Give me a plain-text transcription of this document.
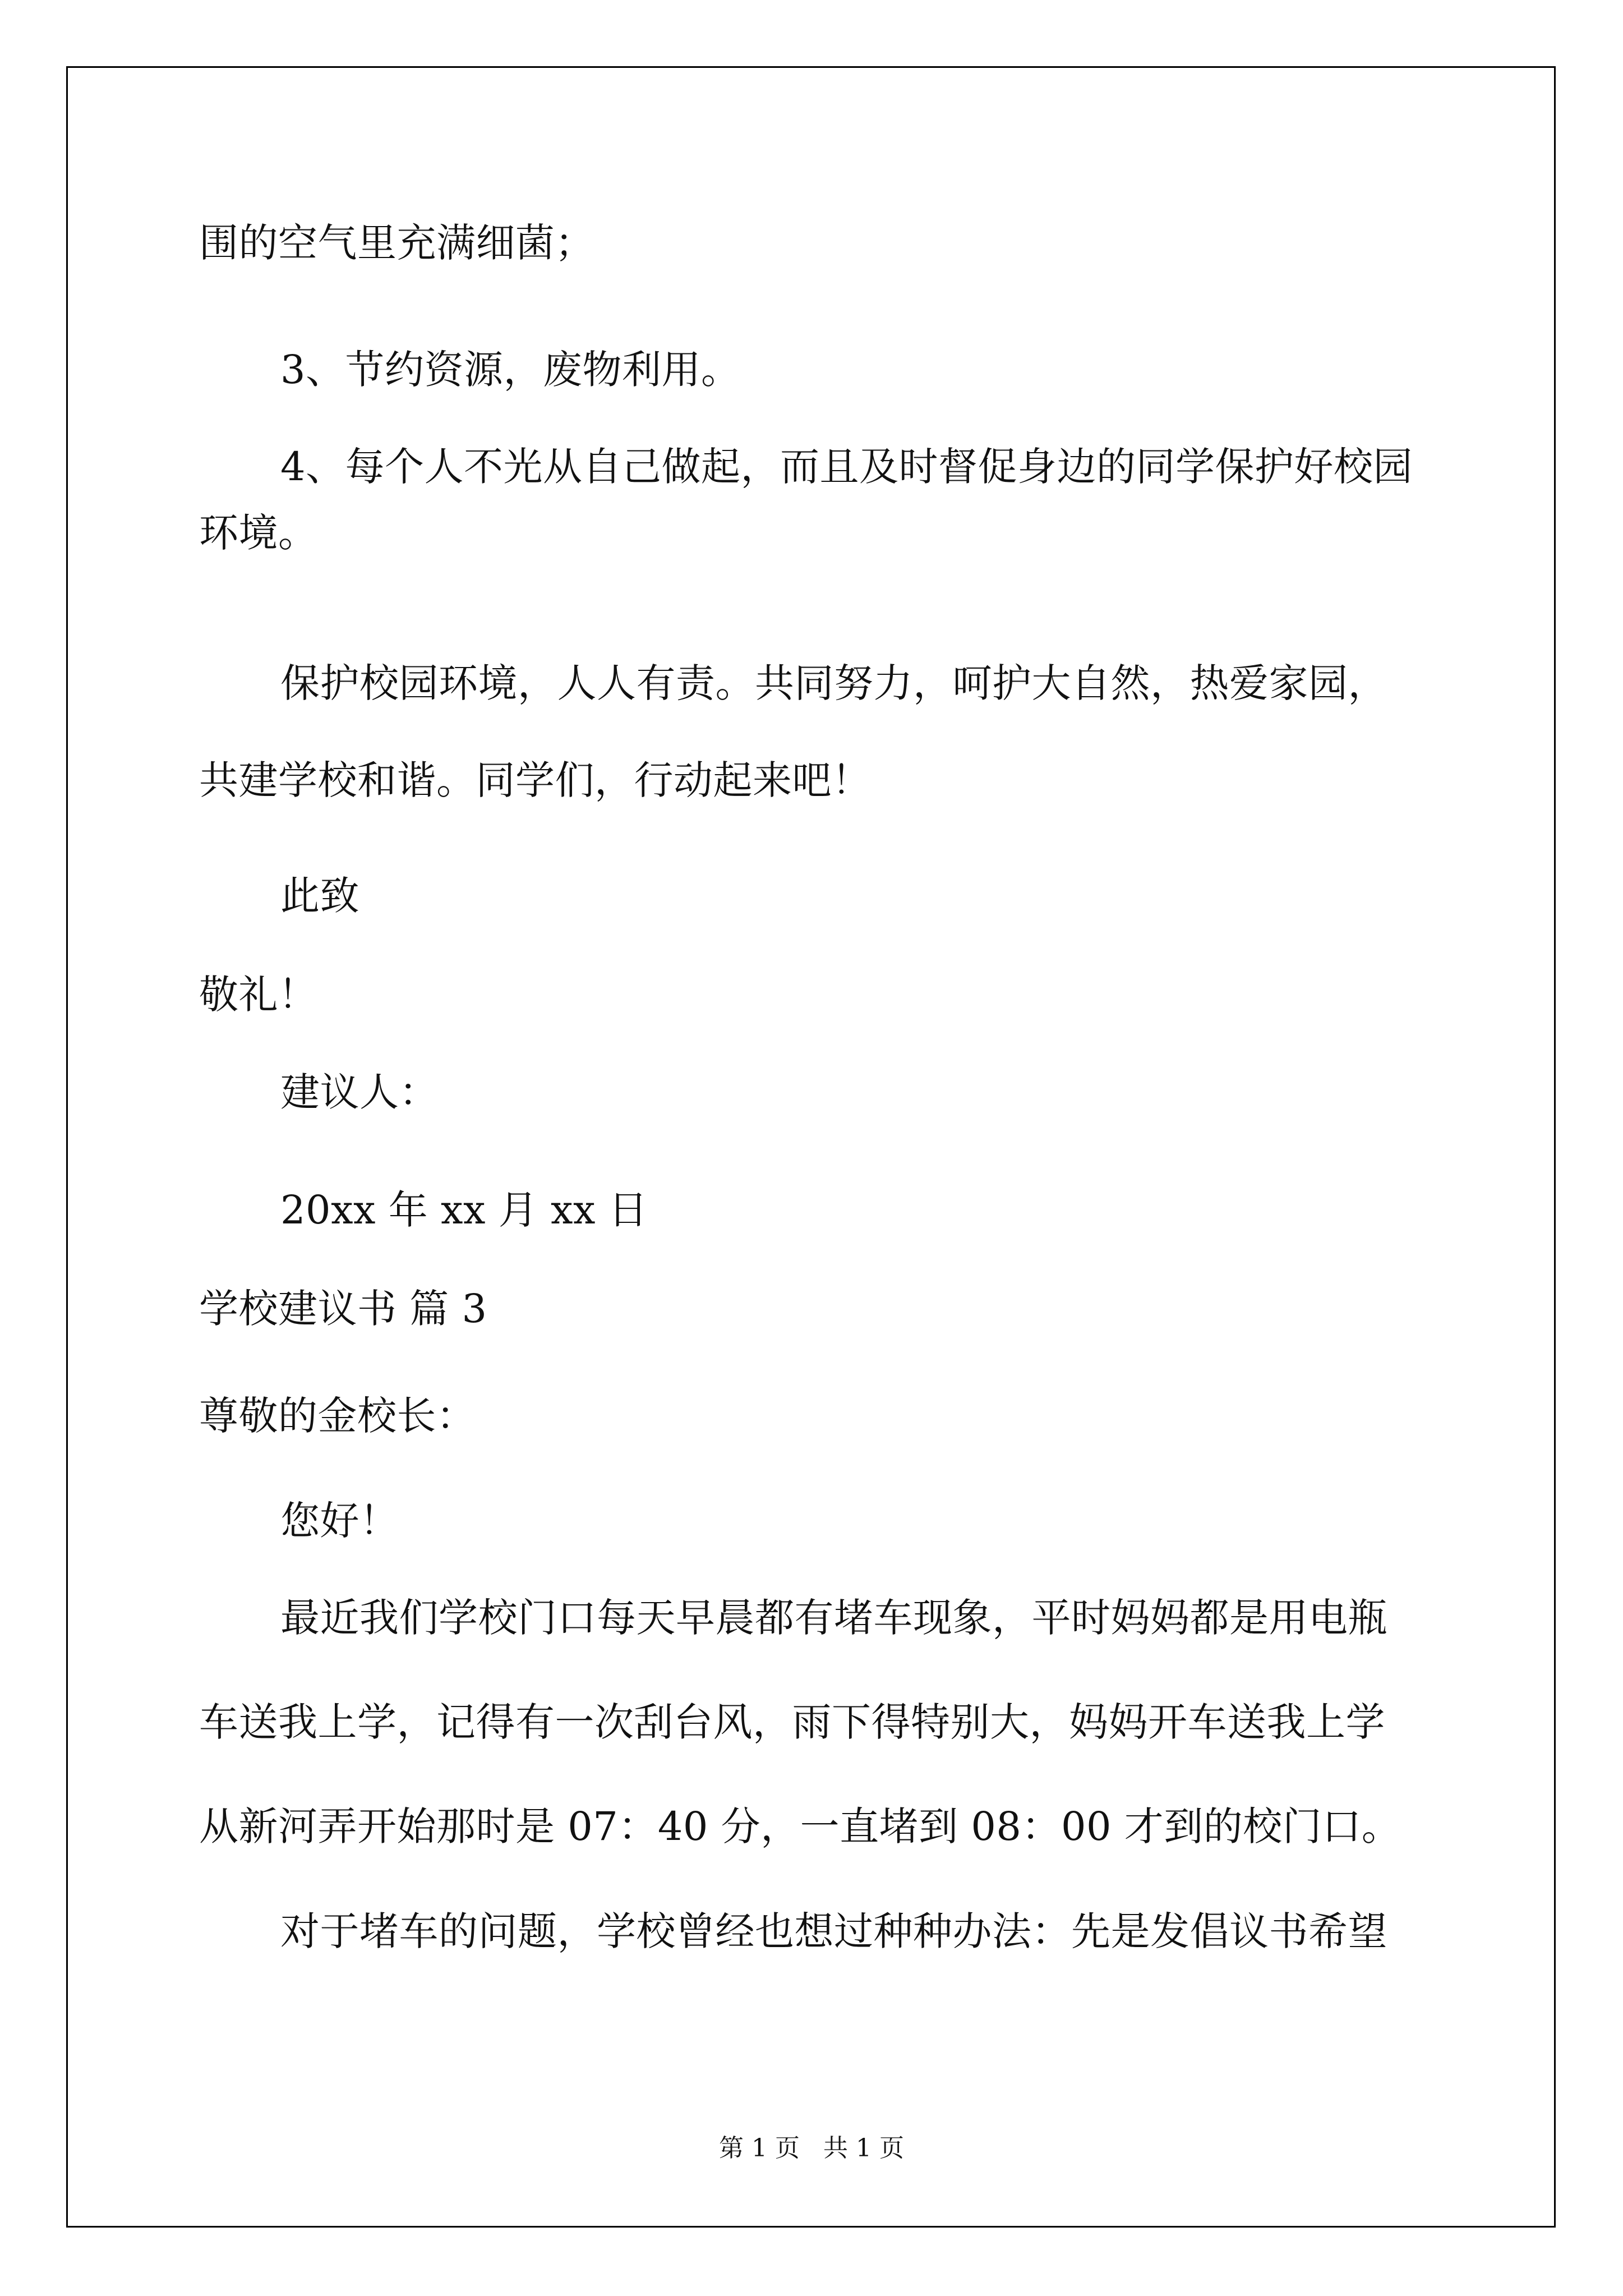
围的空气里充满细菌；

3、节约资源，废物利用。

4、每个人不光从自己做起，而且及时督促身边的同学保护好校园

环境。

保护校园环境，人人有责。共同努力，呵护大自然，热爱家园，

共建学校和谐。同学们，行动起来吧！

此致

敬礼！

建议人：

20xx 年 xx 月 xx 日

学校建议书 篇 3

尊敬的金校长：

您好！

最近我们学校门口每天早晨都有堵车现象，平时妈妈都是用电瓶

车送我上学，记得有一次刮台风，雨下得特别大，妈妈开车送我上学

从新河弄开始那时是 07：40 分，一直堵到 08：00 才到的校门口。

对于堵车的问题，学校曾经也想过种种办法：先是发倡议书希望

第 1 页   共 1 页
